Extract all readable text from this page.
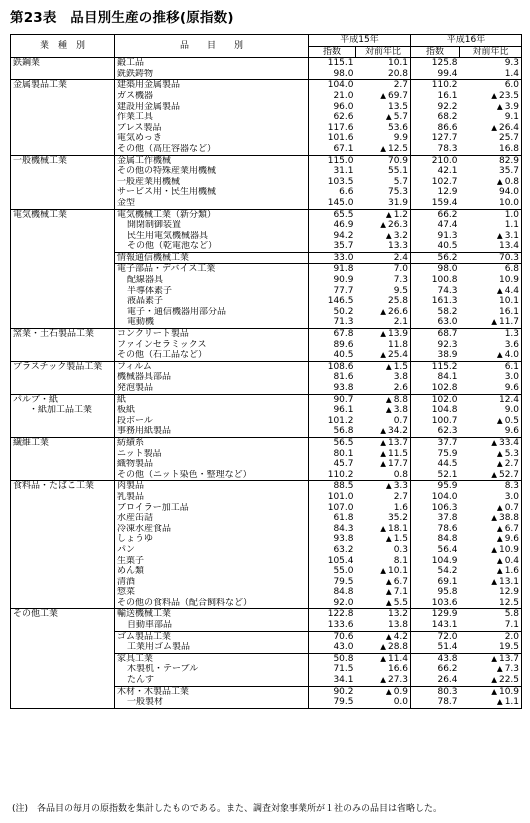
第23表　品目別生産の推移(原指数)
業　種　別	品　　目　　別	平成15年		平成16年	
		指数	対前年比	指数	対前年比
鉄鋼業	鍛工品	115.1	10.1	125.8	9.3
	銑鉄鋳物	98.0	20.8	99.4	1.4
金属製品工業	建築用金属製品	104.0	2.7	110.2	6.0
	ガス機器	21.0	▲ 69.7	16.1	▲ 23.5
	建設用金属製品	96.0	13.5	92.2	▲ 3.9
	作業工具	62.6	▲ 5.7	68.2	9.1
	プレス製品	117.6	53.6	86.6	▲ 26.4
	電気めっき	101.6	9.9	127.7	25.7
	その他（高圧容器など）	67.1	▲ 12.5	78.3	16.8
一般機械工業	金属工作機械	115.0	70.9	210.0	82.9
	その他の特殊産業用機械	31.1	55.1	42.1	35.7
	一般産業用機械	103.5	5.7	102.7	▲ 0.8
	サービス用・民生用機械	6.6	75.3	12.9	94.0
	金型	145.0	31.9	159.4	10.0
電気機械工業	電気機械工業（新分類）	65.5	▲ 1.2	66.2	1.0
	開閉制御装置	46.9	▲ 26.3	47.4	1.1
	民生用電気機械器具	94.2	▲ 3.2	91.3	▲ 3.1
	その他（乾電池など）	35.7	13.3	40.5	13.4
	情報通信機械工業	33.0	2.4	56.2	70.3
	電子部品・デバイス工業	91.8	7.0	98.0	6.8
	配線器具	90.9	7.3	100.8	10.9
	半導体素子	77.7	9.5	74.3	▲ 4.4
	液晶素子	146.5	25.8	161.3	10.1
	電子・通信機器用部分品	50.2	▲ 26.6	58.2	16.1
	電動機	71.3	2.1	63.0	▲ 11.7
窯業・土石製品工業	コンクリート製品	67.8	▲ 13.9	68.7	1.3
	ファインセラミックス	89.6	11.8	92.3	3.6
	その他（石工品など）	40.5	▲ 25.4	38.9	▲ 4.0
プラスチック製品工業	フィルム	108.6	▲ 1.5	115.2	6.1
	機械器具部品	81.6	3.8	84.1	3.0
	発泡製品	93.8	2.6	102.8	9.6
パルプ・紙	紙	90.7	▲ 8.8	102.0	12.4
・紙加工品工業	板紙	96.1	▲ 3.8	104.8	9.0
	段ボール	101.2	0.7	100.7	▲ 0.5
	事務用紙製品	56.8	▲ 34.2	62.3	9.6
繊維工業	紡績糸	56.5	▲ 13.7	37.7	▲ 33.4
	ニット製品	80.1	▲ 11.5	75.9	▲ 5.3
	織物製品	45.7	▲ 17.7	44.5	▲ 2.7
	その他（ニット染色・整理など）	110.2	0.8	52.1	▲ 52.7
食料品・たばこ工業	肉製品	88.5	▲ 3.3	95.9	8.3
	乳製品	101.0	2.7	104.0	3.0
	ブロイラー加工品	107.0	1.6	106.3	▲ 0.7
	水産缶詰	61.8	35.2	37.8	▲ 38.8
	冷凍水産食品	84.3	▲ 18.1	78.6	▲ 6.7
	しょうゆ	93.8	▲ 1.5	84.8	▲ 9.6
	パン	63.2	0.3	56.4	▲ 10.9
	生菓子	105.4	8.1	104.9	▲ 0.4
	めん類	55.0	▲ 10.1	54.2	▲ 1.6
	清酒	79.5	▲ 6.7	69.1	▲ 13.1
	惣菜	84.8	▲ 7.1	95.8	12.9
	その他の食料品（配合飼料など）	92.0	▲ 5.5	103.6	12.5
その他工業	輸送機械工業	122.8	13.2	129.9	5.8
	自動車部品	133.6	13.8	143.1	7.1
	ゴム製品工業	70.6	▲ 4.2	72.0	2.0
	工業用ゴム製品	43.0	▲ 28.8	51.4	19.5
	家具工業	50.8	▲ 11.4	43.8	▲ 13.7
	木製机・テーブル	71.5	16.6	66.2	▲ 7.3
	たんす	34.1	▲ 27.3	26.4	▲ 22.5
	木材・木製品工業	90.2	▲ 0.9	80.3	▲ 10.9
	一般製材	79.5	0.0	78.7	▲ 1.1
(注)　各品目の毎月の原指数を集計したものである。また、調査対象事業所が１社のみの品目は省略した。
